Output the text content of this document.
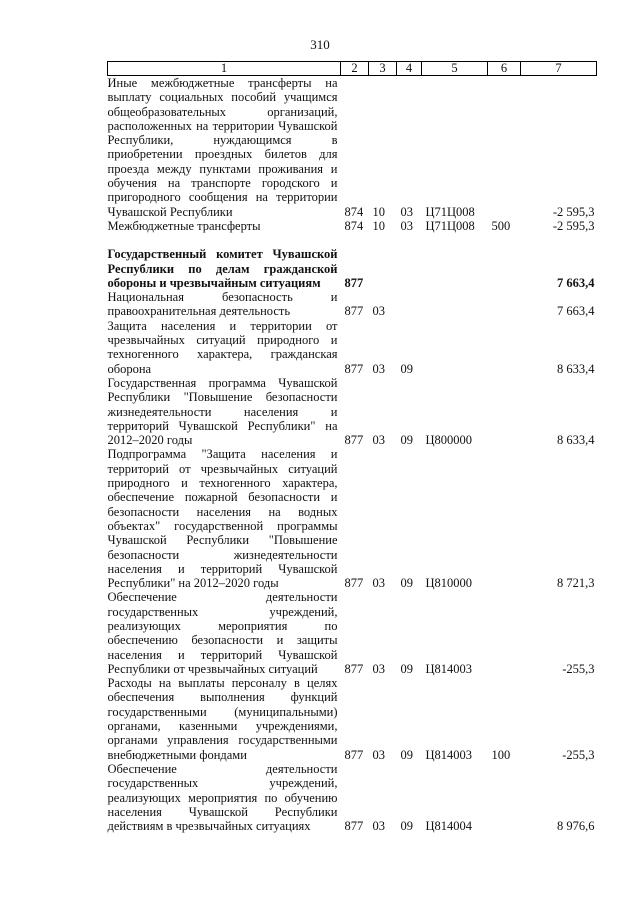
310
1	2	3	4	5	6	7
Иные межбюджетные трансферты на выплату социальных пособий учащимся общеобразовательных организаций, расположенных на территории Чувашской Республики, нуждающимся в приобретении проездных билетов для проезда между пунктами проживания и обучения на транспорте городского и пригородного сообщения на территории Чувашской Республики	874	10	03	Ц71Ц008		-2 595,3
Межбюджетные трансферты	874	10	03	Ц71Ц008	500	-2 595,3

Государственный комитет Чувашской Республики по делам гражданской обороны и чрезвычайным ситуациям	877					7 663,4
Национальная безопасность и правоохранительная деятельность	877	03				7 663,4
Защита населения и территории от чрезвычайных ситуаций природного и техногенного характера, гражданская оборона	877	03	09			8 633,4
Государственная программа Чувашской Республики "Повышение безопасности жизнедеятельности населения и территорий Чувашской Республики" на 2012–2020 годы	877	03	09	Ц800000		8 633,4
Подпрограмма "Защита населения и территорий от чрезвычайных ситуаций природного и техногенного характера, обеспечение пожарной безопасности и безопасности населения на водных объектах" государственной программы Чувашской Республики "Повышение безопасности жизнедеятельности населения и территорий Чувашской Республики" на 2012–2020 годы	877	03	09	Ц810000		8 721,3
Обеспечение деятельности государственных учреждений, реализующих мероприятия по обеспечению безопасности и защиты населения и территорий Чувашской Республики от чрезвычайных ситуаций	877	03	09	Ц814003		-255,3
Расходы на выплаты персоналу в целях обеспечения выполнения функций государственными (муниципальными) органами, казенными учреждениями, органами управления государственными внебюджетными фондами	877	03	09	Ц814003	100	-255,3
Обеспечение деятельности государственных учреждений, реализующих мероприятия по обучению населения Чувашской Республики действиям в чрезвычайных ситуациях	877	03	09	Ц814004		8 976,6
